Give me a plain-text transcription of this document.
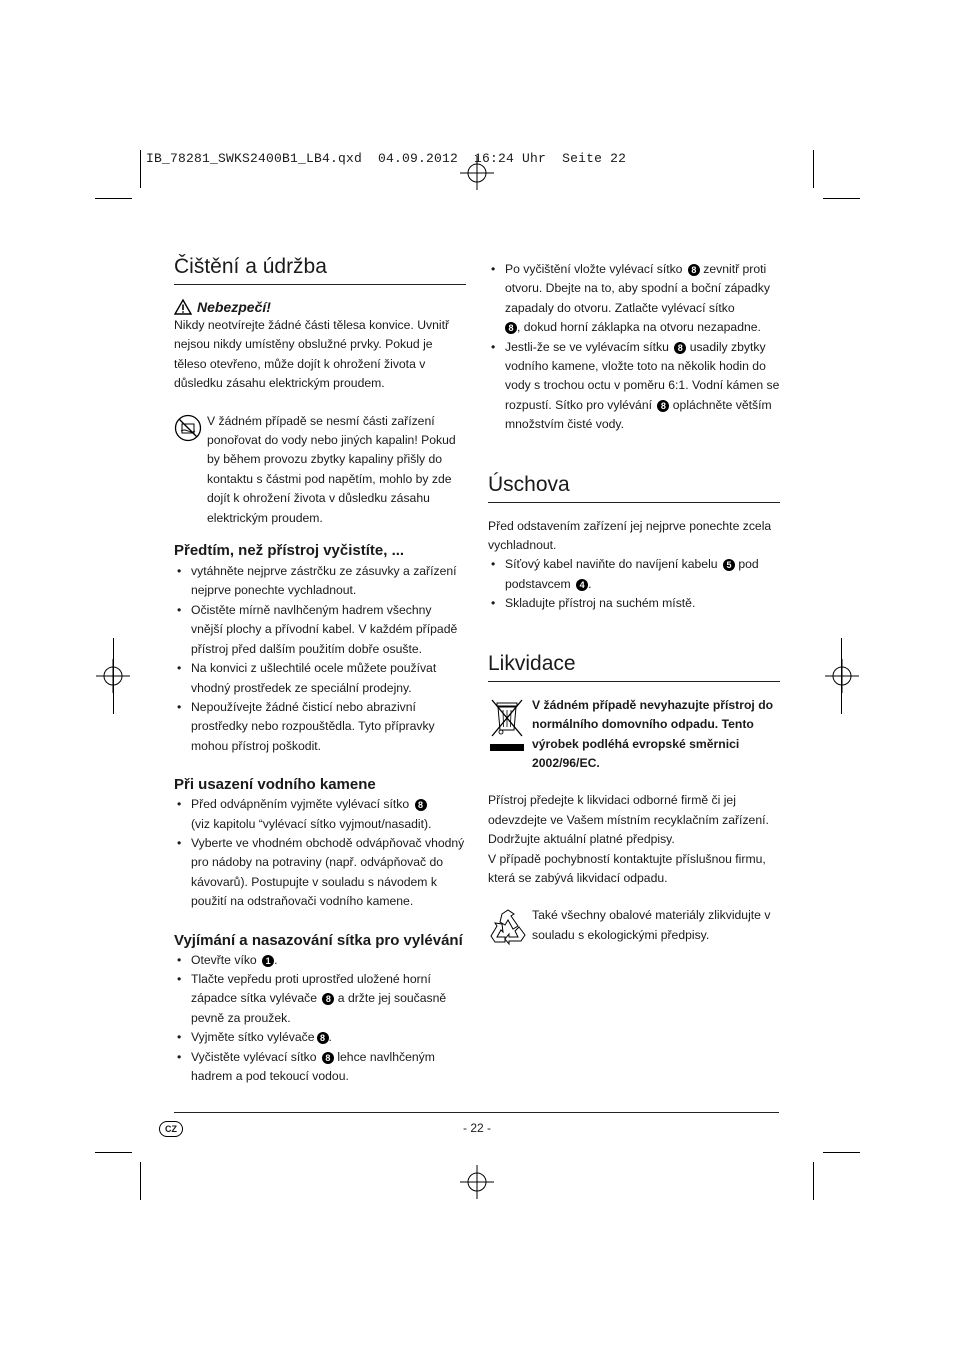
IB_78281_SWKS2400B1_LB4.qxd  04.09.2012  16:24 Uhr  Seite 22
Čištění a údržba
Nebezpečí!

Nikdy neotvírejte žádné části tělesa konvice. Uvnitř nejsou nikdy umístěny obslužné prvky. Pokud je těleso otevřeno, může dojít k ohrožení života v důsledku zásahu elektrickým proudem.

V žádném případě se nesmí části zařízení ponořovat do vody nebo jiných kapalin! Pokud by během provozu zbytky kapaliny přišly do kontaktu s částmi pod napětím, mohlo by zde dojít k ohrožení života v důsledku zásahu elektrickým proudem.

Předtím, než přístroj vyčistíte, ...
• vytáhněte nejprve zástrčku ze zásuvky a zařízení nejprve ponechte vychladnout.
• Očistěte mírně navlhčeným hadrem všechny vnější plochy a přívodní kabel. V každém případě přístroj před dalším použitím dobře osušte.
• Na konvici z ušlechtilé ocele můžete používat vhodný prostředek ze speciální prodejny.
• Nepoužívejte žádné čisticí nebo abrazivní prostředky nebo rozpouštědla. Tyto přípravky mohou přístroj poškodit.
Při usazení vodního kamene
• Před odvápněním vyjměte vylévací sítko 8
(viz kapitolu “vylévací sítko vyjmout/nasadit).
• Vyberte ve vhodném obchodě odvápňovač vhodný pro nádoby na potraviny (např. odvápňovač do kávovarů). Postupujte v souladu s návodem k použití na odstraňovači vodního kamene.
Vyjímání a nasazování sítka pro vylévání
• Otevřte víko 1 .
• Tlačte vepředu proti uprostřed uložené horní západce sítka vylévače 8 a držte jej současně pevně za proužek.
• Vyjměte sítko vylévače 8 .
• Vyčistěte vylévací sítko 8 lehce navlhčeným hadrem a pod tekoucí vodou.
• Po vyčištění vložte vylévací sítko 8 zevnitř proti otvoru. Dbejte na to, aby spodní a boční západky zapadaly do otvoru. Zatlačte vylévací sítko
8 , dokud horní záklapka na otvoru nezapadne.
• Jestli-že se ve vylévacím sítku 8 usadily zbytky vodního kamene, vložte toto na několik hodin do vody s trochou octu v poměru 6:1. Vodní kámen se rozpustí. Sítko pro vylévání 8 opláchněte větším množstvím čisté vody.
Úschova

Před odstavením zařízení jej nejprve ponechte zcela vychladnout.

• Síťový kabel naviňte do navíjení kabelu 5 pod podstavcem 4 .
• Skladujte přístroj na suchém místě.
Likvidace

V žádném případě nevyhazujte přístroj do normálního domovního odpadu. Tento výrobek podléhá evropské směrnici 2002/96/EC.

Přístroj předejte k likvidaci odborné firmě či jej odevzdejte ve Vašem místním recyklačním zařízení. Dodržujte aktuální platné předpisy.

V případě pochybností kontaktujte příslušnou firmu, která se zabývá likvidací odpadu.

Také všechny obalové materiály zlikvidujte v souladu s ekologickými předpisy.

CZ	- 22 -
